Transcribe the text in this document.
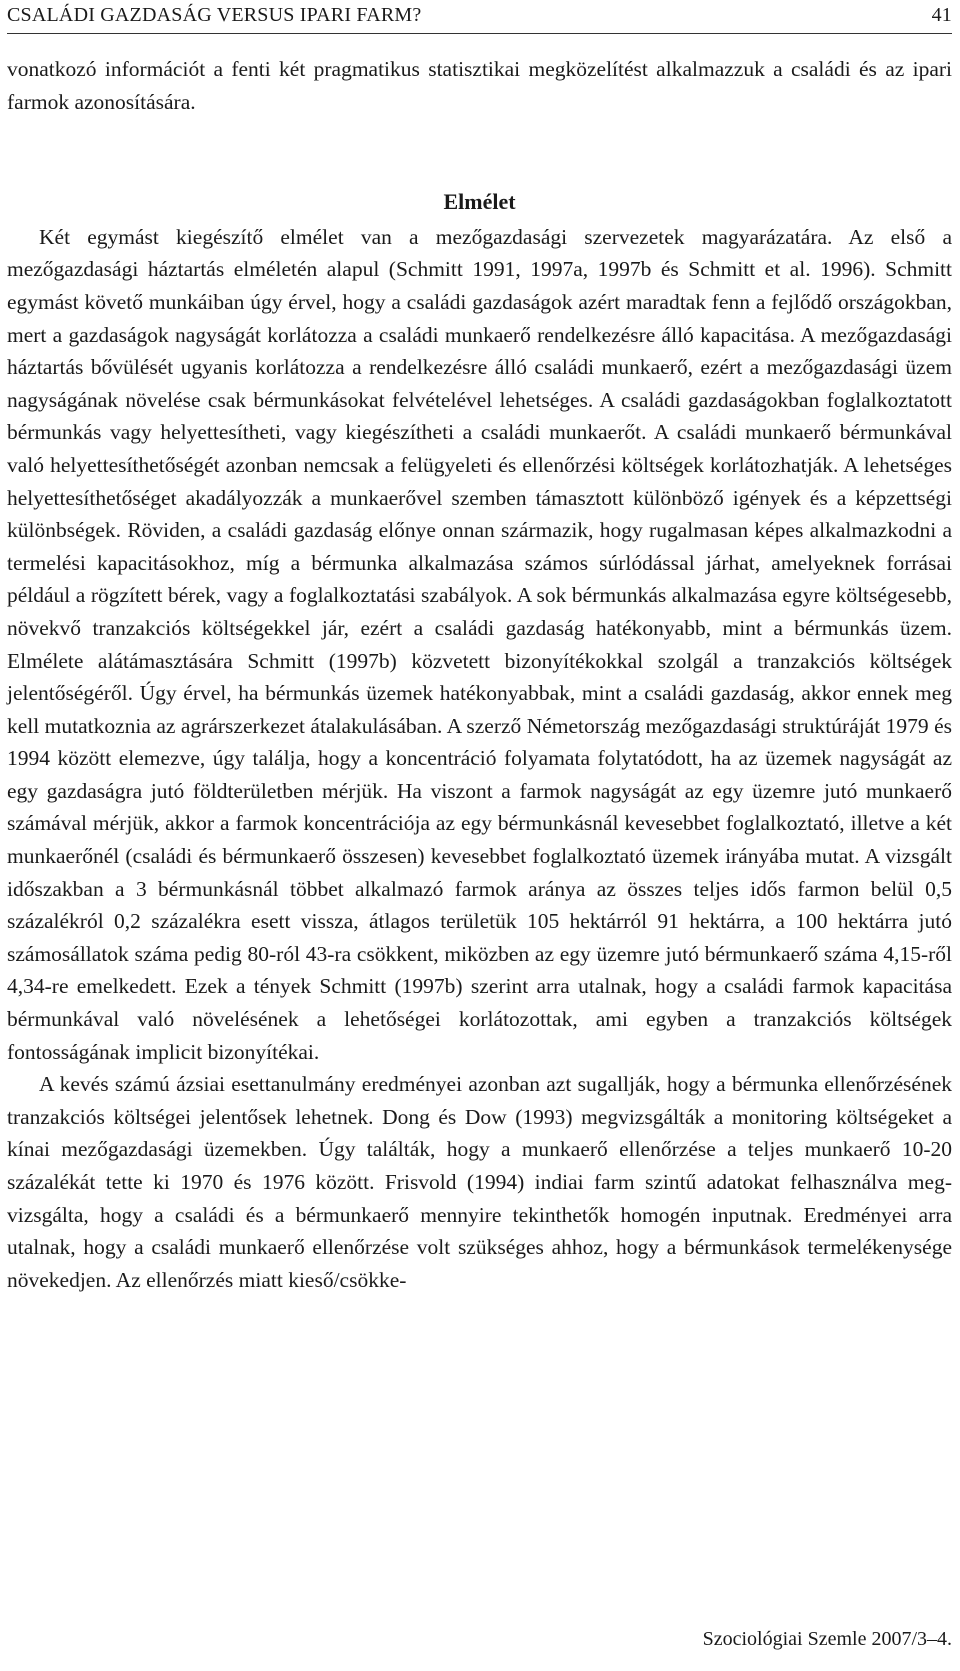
CSALÁDI GAZDASÁG VERSUS IPARI FARM?	41

vonatkozó információt a fenti két pragmatikus statisztikai megközelítést alkalmazzuk a családi és az ipari farmok azonosítására.

Elmélet

Két egymást kiegészítő elmélet van a mezőgazdasági szervezetek magyarázatára. Az első a mezőgazdasági háztartás elméletén alapul (Schmitt 1991, 1997a, 1997b és Schmitt et al. 1996). Schmitt egymást követő munkáiban úgy érvel, hogy a családi gazdaságok azért maradtak fenn a fejlődő országokban, mert a gazdaságok nagyságát korlátozza a családi munkaerő rendelkezésre álló kapacitása. A mezőgazdasági háztartás bővülését ugyanis korlátozza a rendelkezésre álló családi munkaerő, ezért a mezőgazdasági üzem nagyságának növelése csak bérmunkásokat felvételével lehetséges. A családi gazdaságokban foglalkoztatott bérmunkás vagy helyettesítheti, vagy kiegészítheti a családi munkaerőt. A családi munkaerő bérmunkával való helyettesíthetőségét azonban nemcsak a felügyeleti és ellenőrzési költségek korlátozhatják. A lehetséges helyettesíthetőséget akadályozzák a munkaerővel szemben támasztott különböző igények és a képzettségi különbségek. Röviden, a családi gazdaság előnye onnan származik, hogy rugalmasan képes alkalmazkodni a termelési kapacitásokhoz, míg a bérmunka alkalmazása számos súrlódással járhat, amelyeknek forrásai például a rögzített bérek, vagy a foglalkoztatási szabályok. A sok bérmunkás alkalmazása egyre költségesebb, növekvő tranzakciós költségekkel jár, ezért a családi gazdaság hatékonyabb, mint a bérmunkás üzem. Elmélete alátámasztására Schmitt (1997b) közvetett bizonyítékokkal szolgál a tranzakciós költségek jelentőségéről. Úgy érvel, ha bérmunkás üzemek hatékonyabbak, mint a családi gazdaság, akkor ennek meg kell mutatkoznia az agrárszerkezet átalakulásában. A szerző Németország mezőgazdasági struktúráját 1979 és 1994 között elemezve, úgy találja, hogy a koncentráció folyamata folytatódott, ha az üzemek nagyságát az egy gazdaságra jutó földterületben mérjük. Ha viszont a farmok nagyságát az egy üzemre jutó munkaerő számával mérjük, akkor a farmok koncentrációja az egy bérmunkásnál kevesebbet foglalkoztató, illetve a két munkaerőnél (családi és bérmunkaerő összesen) kevesebbet foglalkoztató üzemek irányába mutat. A vizsgált időszakban a 3 bérmunkásnál többet alkalmazó farmok aránya az összes teljes idős farmon belül 0,5 százalékról 0,2 százalékra esett vissza, átlagos területük 105 hektárról 91 hektárra, a 100 hektárra jutó számosállatok száma pedig 80-ról 43-ra csökkent, miközben az egy üzemre jutó bérmunkaerő száma 4,15-ről 4,34-re emelkedett. Ezek a tények Schmitt (1997b) szerint arra utalnak, hogy a családi farmok kapacitása bérmunkával való növelésének a lehetőségei korlátozottak, ami egyben a tranzakciós költségek fontosságának implicit bizonyítékai.

A kevés számú ázsiai esettanulmány eredményei azonban azt sugallják, hogy a bérmunka ellenőrzésének tranzakciós költségei jelentősek lehetnek. Dong és Dow (1993) megvizsgálták a monitoring költségeket a kínai mezőgazdasági üzemekben. Úgy találták, hogy a munkaerő ellenőrzése a teljes munkaerő 10-20 százalékát tette ki 1970 és 1976 között. Frisvold (1994) indiai farm szintű adatokat felhasználva megvizsgálta, hogy a családi és a bérmunkaerő mennyire tekinthetők homogén inputnak. Eredményei arra utalnak, hogy a családi munkaerő ellenőrzése volt szükséges ahhoz, hogy a bérmunkások termelékenysége növekedjen. Az ellenőrzés miatt kieső/csökke-

Szociológiai Szemle 2007/3–4.
